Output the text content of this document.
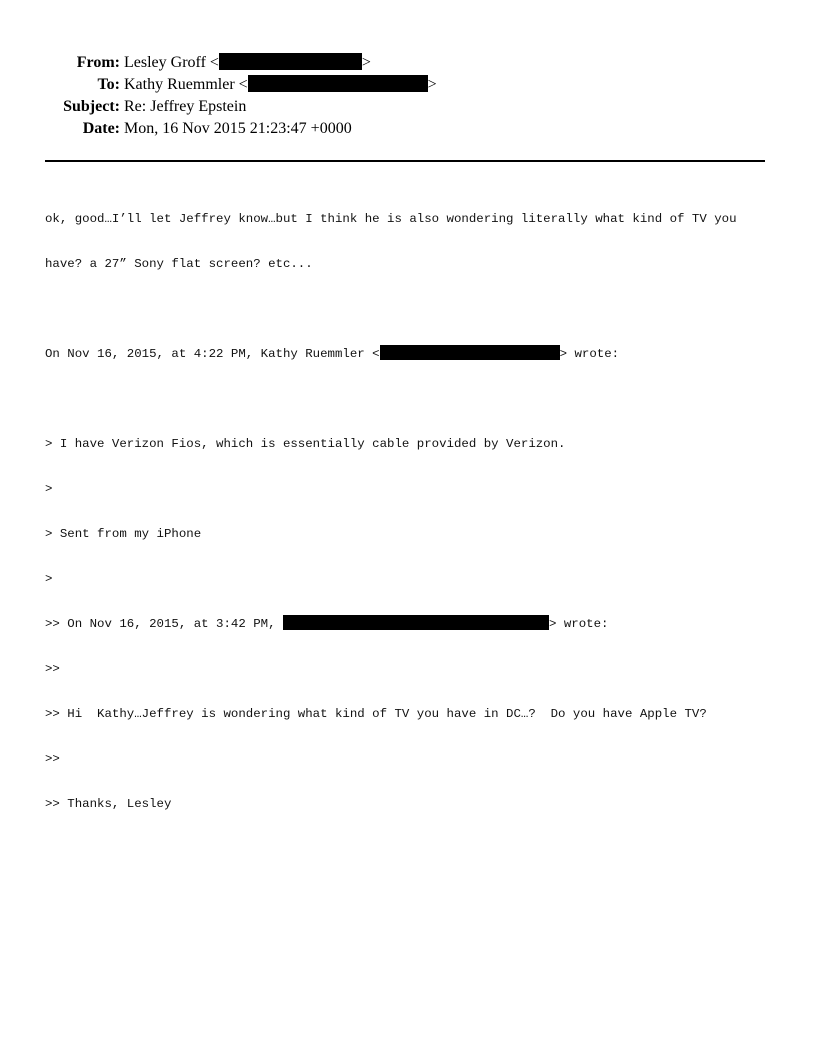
From: Lesley Groff <	>
To: Kathy Ruemmler <	>
Subject: Re: Jeffrey Epstein
Date: Mon, 16 Nov 2015 21:23:47 +0000

ok, good…I’ll let Jeffrey know…but I think he is also wondering literally what kind of TV you

have? a 27” Sony flat screen? etc...

On Nov 16, 2015, at 4:22 PM, Kathy Ruemmler <	> wrote:

> I have Verizon Fios, which is essentially cable provided by Verizon.

>

> Sent from my iPhone

>

>> On Nov 16, 2015, at 3:42 PM,	> wrote:

>>

>> Hi  Kathy…Jeffrey is wondering what kind of TV you have in DC…?  Do you have Apple TV?

>>

>> Thanks, Lesley
